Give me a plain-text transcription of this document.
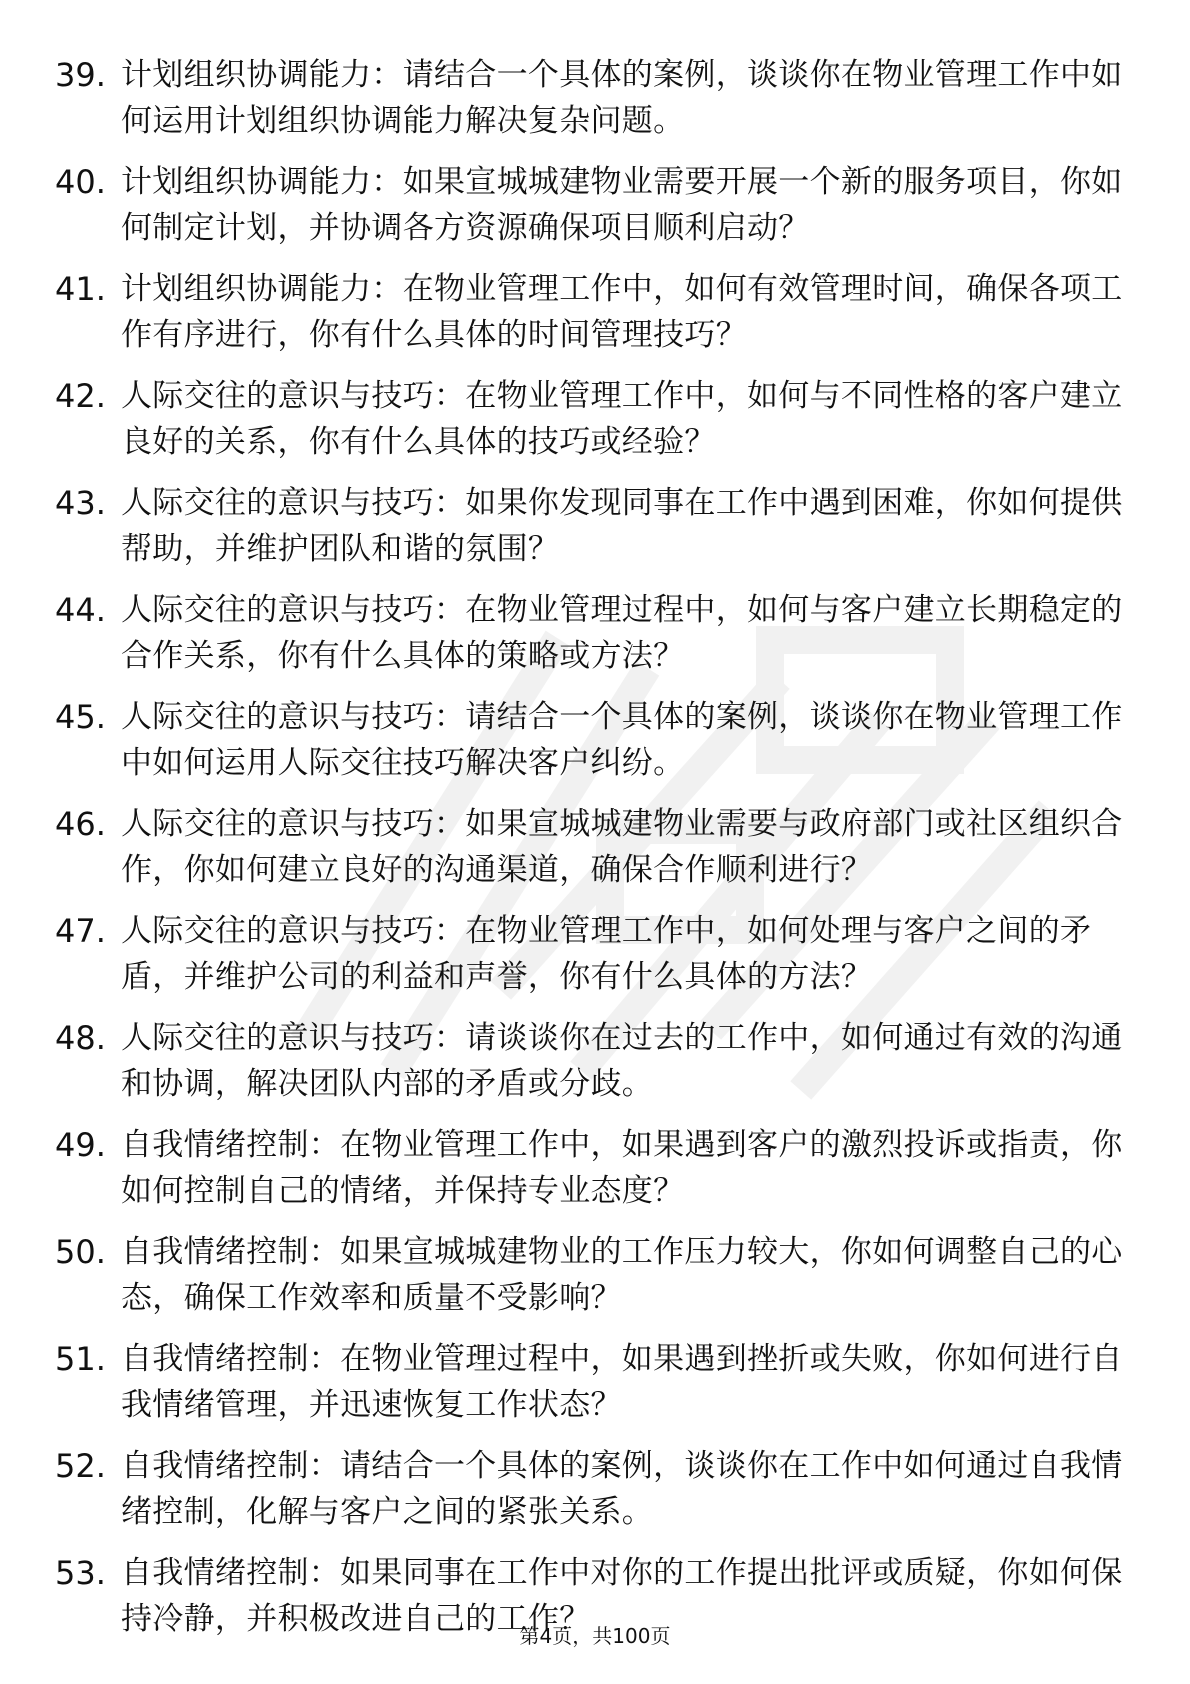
39. 计划组织协调能力：请结合一个具体的案例，谈谈你在物业管理工作中如何运用计划组织协调能力解决复杂问题。
40. 计划组织协调能力：如果宣城城建物业需要开展一个新的服务项目，你如何制定计划，并协调各方资源确保项目顺利启动？
41. 计划组织协调能力：在物业管理工作中，如何有效管理时间，确保各项工作有序进行，你有什么具体的时间管理技巧？
42. 人际交往的意识与技巧：在物业管理工作中，如何与不同性格的客户建立良好的关系，你有什么具体的技巧或经验？
43. 人际交往的意识与技巧：如果你发现同事在工作中遇到困难，你如何提供帮助，并维护团队和谐的氛围？
44. 人际交往的意识与技巧：在物业管理过程中，如何与客户建立长期稳定的合作关系，你有什么具体的策略或方法？
45. 人际交往的意识与技巧：请结合一个具体的案例，谈谈你在物业管理工作中如何运用人际交往技巧解决客户纠纷。
46. 人际交往的意识与技巧：如果宣城城建物业需要与政府部门或社区组织合作，你如何建立良好的沟通渠道，确保合作顺利进行？
47. 人际交往的意识与技巧：在物业管理工作中，如何处理与客户之间的矛盾，并维护公司的利益和声誉，你有什么具体的方法？
48. 人际交往的意识与技巧：请谈谈你在过去的工作中，如何通过有效的沟通和协调，解决团队内部的矛盾或分歧。
49. 自我情绪控制：在物业管理工作中，如果遇到客户的激烈投诉或指责，你如何控制自己的情绪，并保持专业态度？
50. 自我情绪控制：如果宣城城建物业的工作压力较大，你如何调整自己的心态，确保工作效率和质量不受影响？
51. 自我情绪控制：在物业管理过程中，如果遇到挫折或失败，你如何进行自我情绪管理，并迅速恢复工作状态？
52. 自我情绪控制：请结合一个具体的案例，谈谈你在工作中如何通过自我情绪控制，化解与客户之间的紧张关系。
53. 自我情绪控制：如果同事在工作中对你的工作提出批评或质疑，你如何保持冷静，并积极改进自己的工作？
第4页，共100页
